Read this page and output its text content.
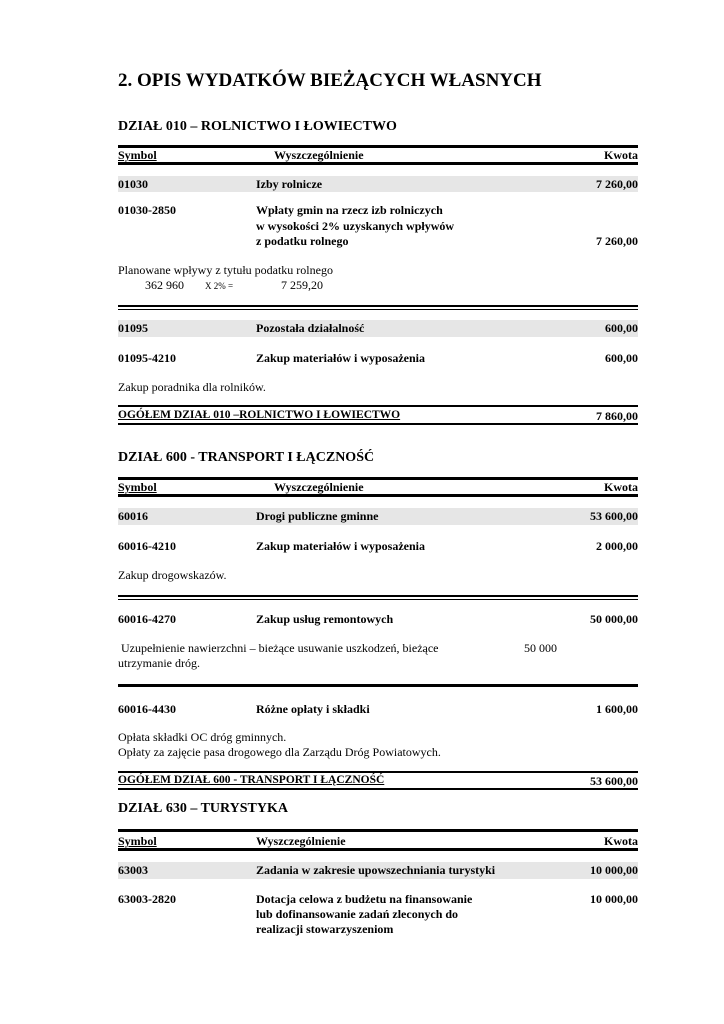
2. OPIS WYDATKÓW BIEŻĄCYCH WŁASNYCH
DZIAŁ 010 – ROLNICTWO I ŁOWIECTWO
Symbol	Wyszczególnienie	Kwota
01030	Izby rolnicze	7 260,00
01030-2850	Wpłaty gmin na rzecz izb rolniczych
w wysokości 2% uzyskanych wpływów
z podatku rolnego	7 260,00
Planowane wpływy z tytułu podatku rolnego
362 960 X 2% =	7 259,20
01095	Pozostała działalność	600,00
01095-4210	Zakup materiałów i wyposażenia	600,00
Zakup poradnika dla rolników.
OGÓŁEM DZIAŁ 010 –ROLNICTWO I ŁOWIECTWO	7 860,00
DZIAŁ 600 - TRANSPORT I ŁĄCZNOŚĆ
Symbol	Wyszczególnienie	Kwota
60016	Drogi publiczne gminne	53 600,00
60016-4210	Zakup materiałów i wyposażenia	2 000,00
Zakup drogowskazów.
60016-4270	Zakup usług remontowych	50 000,00
Uzupełnienie nawierzchni – bieżące usuwanie uszkodzeń, bieżące
utrzymanie dróg.
50 000
60016-4430	Różne opłaty i składki	1 600,00
Opłata składki OC dróg gminnych.
Opłaty za zajęcie pasa drogowego dla Zarządu Dróg Powiatowych.
OGÓŁEM DZIAŁ 600 - TRANSPORT I ŁĄCZNOŚĆ	53 600,00
DZIAŁ 630 – TURYSTYKA
Symbol	Wyszczególnienie	Kwota
63003	Zadania w zakresie upowszechniania turystyki	10 000,00
63003-2820	Dotacja celowa z budżetu na finansowanie
lub dofinansowanie zadań zleconych do
realizacji stowarzyszeniom
10 000,00
